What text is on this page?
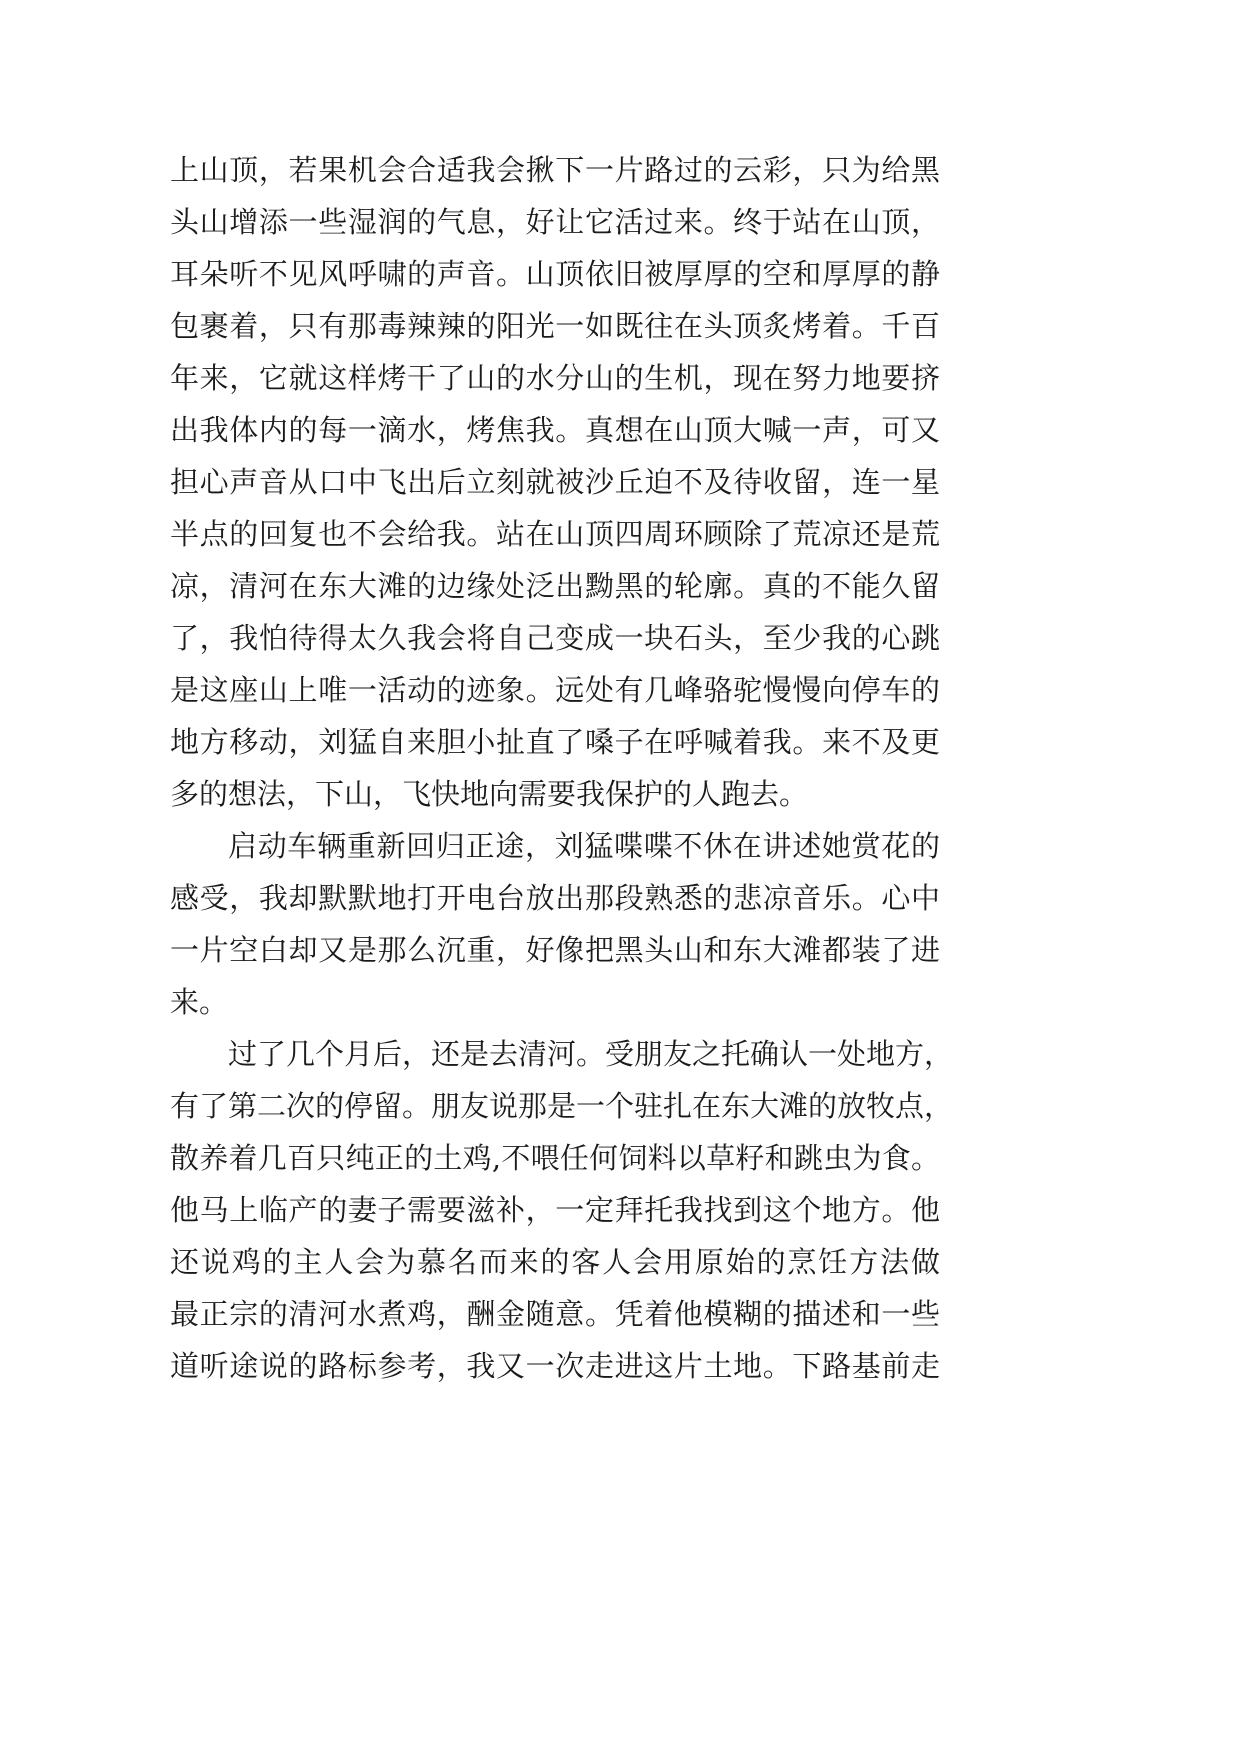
上山顶，若果机会合适我会揪下一片路过的云彩，只为给黑
头山增添一些湿润的气息，好让它活过来。终于站在山顶，
耳朵听不见风呼啸的声音。山顶依旧被厚厚的空和厚厚的静
包裹着，只有那毒辣辣的阳光一如既往在头顶炙烤着。千百
年来，它就这样烤干了山的水分山的生机，现在努力地要挤
出我体内的每一滴水，烤焦我。真想在山顶大喊一声，可又
担心声音从口中飞出后立刻就被沙丘迫不及待收留，连一星
半点的回复也不会给我。站在山顶四周环顾除了荒凉还是荒
凉，清河在东大滩的边缘处泛出黝黑的轮廓。真的不能久留
了，我怕待得太久我会将自己变成一块石头，至少我的心跳
是这座山上唯一活动的迹象。远处有几峰骆驼慢慢向停车的
地方移动，刘猛自来胆小扯直了嗓子在呼喊着我。来不及更
多的想法，下山，飞快地向需要我保护的人跑去。
启动车辆重新回归正途，刘猛喋喋不休在讲述她赏花的
感受，我却默默地打开电台放出那段熟悉的悲凉音乐。心中
一片空白却又是那么沉重，好像把黑头山和东大滩都装了进
来。
过了几个月后，还是去清河。受朋友之托确认一处地方，
有了第二次的停留。朋友说那是一个驻扎在东大滩的放牧点，
散养着几百只纯正的土鸡,不喂任何饲料以草籽和跳虫为食。
他马上临产的妻子需要滋补，一定拜托我找到这个地方。他
还说鸡的主人会为慕名而来的客人会用原始的烹饪方法做
最正宗的清河水煮鸡，酬金随意。凭着他模糊的描述和一些
道听途说的路标参考，我又一次走进这片土地。下路基前走
